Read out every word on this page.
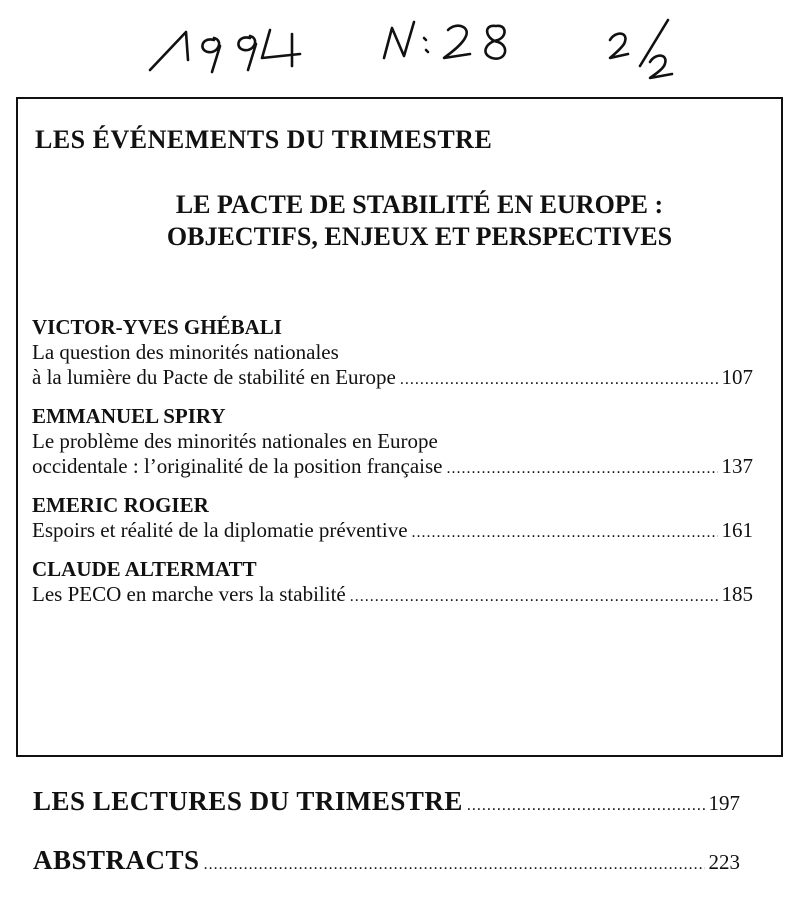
LES ÉVÉNEMENTS DU TRIMESTRE
LE PACTE DE STABILITÉ EN EUROPE :
OBJECTIFS, ENJEUX ET PERSPECTIVES
VICTOR-YVES GHÉBALI
La question des minorités nationales
à la lumière du Pacte de stabilité en Europe .....	107
EMMANUEL SPIRY
Le problème des minorités nationales en Europe
occidentale : l’originalité de la position française .....	137
EMERIC ROGIER
Espoirs et réalité de la diplomatie préventive .....	161
CLAUDE ALTERMATT
Les PECO en marche vers la stabilité .....	185
LES LECTURES DU TRIMESTRE .....	197
ABSTRACTS .....	223
